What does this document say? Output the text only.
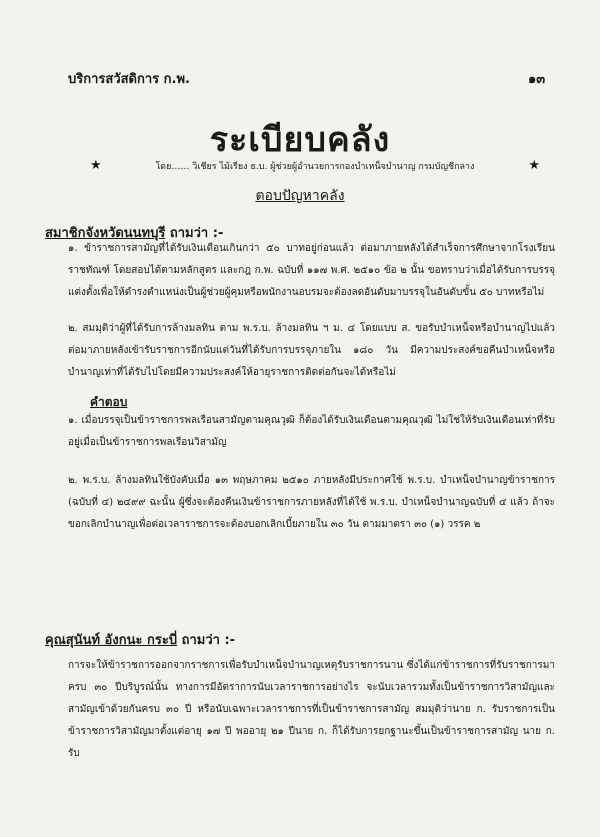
บริการสวัสดิการ ก.พ.	๑๓
ระเบียบคลัง
★	โดย…… วิเชียร ไม้เรียง ธ.บ. ผู้ช่วยผู้อำนวยการกองบำเหน็จบำนาญ กรมบัญชีกลาง	★
ตอบปัญหาคลัง
สมาชิกจังหวัดนนทบุรี ถามว่า :-
๑. ข้าราชการสามัญที่ได้รับเงินเดือนเกินกว่า ๕๐ บาทอยู่ก่อนแล้ว ต่อมาภายหลังได้สำเร็จการศึกษาจากโรงเรียนราชทัณฑ์ โดยสอบได้ตามหลักสูตร และกฎ ก.พ. ฉบับที่ ๑๑๗ พ.ศ. ๒๕๑๐ ข้อ ๒ นั้น ขอทราบว่าเมื่อได้รับการบรรจุแต่งตั้งเพื่อให้ดำรงตำแหน่งเป็นผู้ช่วยผู้คุมหรือพนักงานอบรมจะต้องลดอันดับมาบรรจุในอันดับขั้น ๕๐ บาทหรือไม่
๒. สมมุติว่าผู้ที่ได้รับการล้างมลทิน ตาม พ.ร.บ. ล้างมลทิน ฯ ม. ๔ โดยแบบ ส. ขอรับบำเหน็จหรือบำนาญไปแล้ว ต่อมาภายหลังเข้ารับราชการอีกนับแต่วันที่ได้รับการบรรจุภายใน ๑๘๐ วัน มีความประสงค์ขอคืนบำเหน็จหรือบำนาญเท่าที่ได้รับไปโดยมีความประสงค์ให้อายุราชการติดต่อกันจะได้หรือไม่
คำตอบ
๑. เมื่อบรรจุเป็นข้าราชการพลเรือนสามัญตามคุณวุฒิ ก็ต้องได้รับเงินเดือนตามคุณวุฒิ ไม่ใช่ให้รับเงินเดือนเท่าที่รับอยู่เมื่อเป็นข้าราชการพลเรือนวิสามัญ
๒. พ.ร.บ. ล้างมลทินใช้บังคับเมื่อ ๑๓ พฤษภาคม ๒๕๑๐ ภายหลังมีประกาศใช้ พ.ร.บ. บำเหน็จบำนาญข้าราชการ (ฉบับที่ ๔) ๒๔๙๙ ฉะนั้น ผู้ซึ่งจะต้องคืนเงินข้าราชการภายหลังที่ได้ใช้ พ.ร.บ. บำเหน็จบำนาญฉบับที่ ๔ แล้ว ถ้าจะขอกเลิกบำนาญเพื่อต่อเวลาราชการจะต้องบอกเลิกเบี้ยภายใน ๓๐ วัน ตามมาตรา ๓๐ (๑) วรรค ๒
คุณสุนันท์ อังกนะ กระบี่ ถามว่า :-
การจะให้ข้าราชการออกจากราชการเพื่อรับบำเหน็จบำนาญเหตุรับราชการนาน ซึ่งได้แก่ข้าราชการที่รับราชการมาครบ ๓๐ ปีบริบูรณ์นั้น ทางการมีอัตราการนับเวลาราชการอย่างไร จะนับเวลารวมทั้งเป็นข้าราชการวิสามัญและสามัญเข้าด้วยกันครบ ๓๐ ปี หรือนับเฉพาะเวลาราชการที่เป็นข้าราชการสามัญ สมมุติว่านาย ก. รับราชการเป็นข้าราชการวิสามัญมาตั้งแต่อายุ ๑๗ ปี พออายุ ๒๑ ปีนาย ก. ก็ได้รับการยกฐานะขึ้นเป็นข้าราชการสามัญ นาย ก. รับ
